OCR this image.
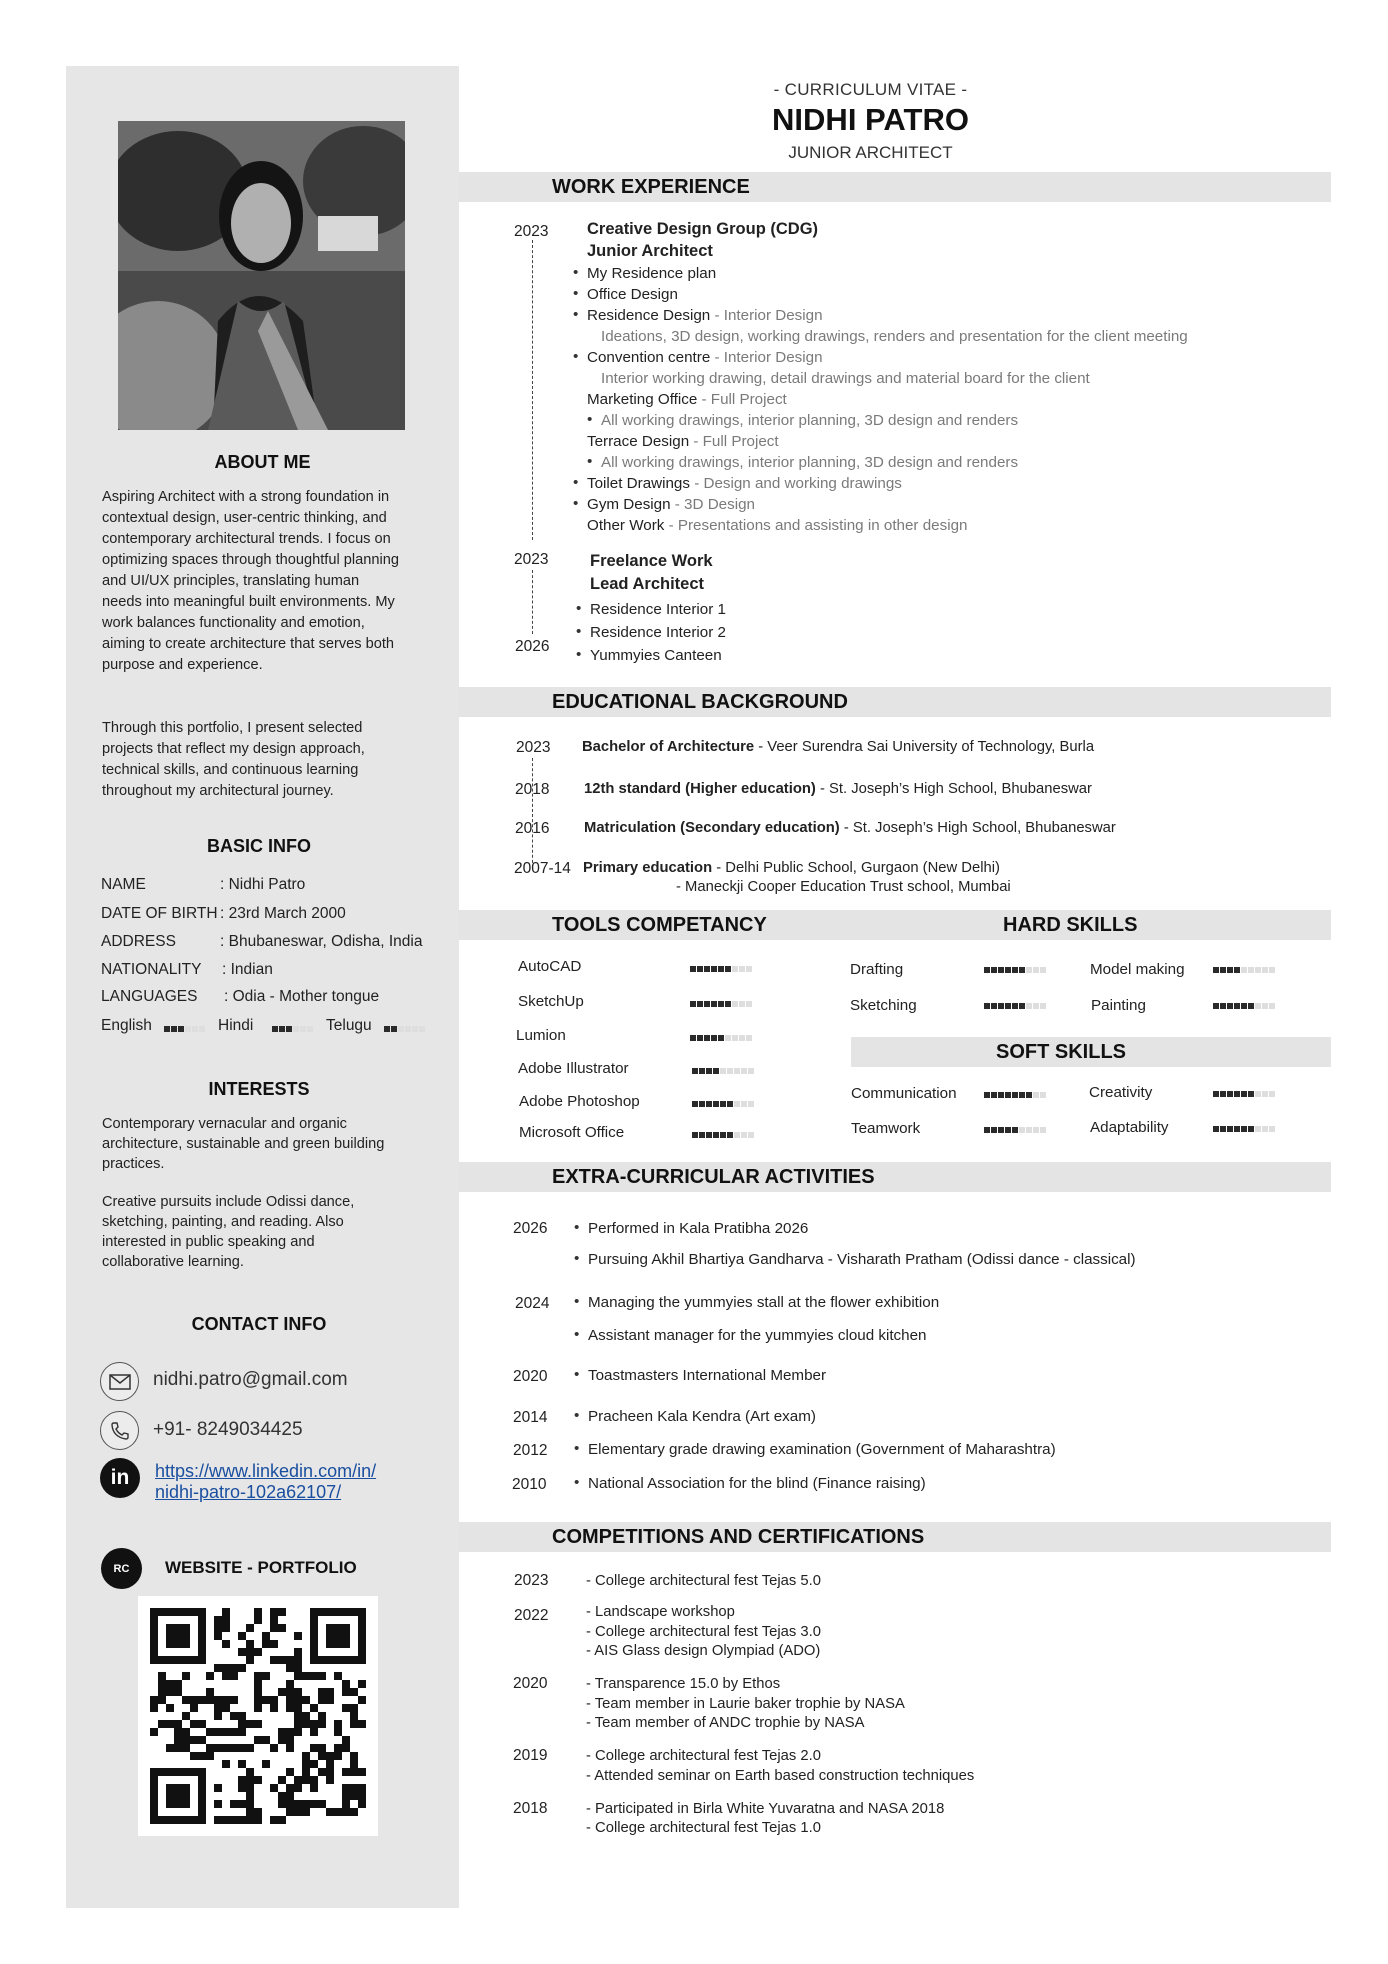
ABOUT ME
Aspiring Architect with a strong foundation in contextual design, user-centric thinking, and contemporary architectural trends. I focus on optimizing spaces through thoughtful planning and UI/UX principles, translating human needs into meaningful built environments. My work balances functionality and emotion, aiming to create architecture that serves both purpose and experience.
Through this portfolio, I present selected projects that reflect my design approach, technical skills, and continuous learning throughout my architectural journey.
BASIC INFO
NAME	: Nidhi Patro
DATE OF BIRTH : 23rd March 2000
ADDRESS	: Bhubaneswar, Odisha, India
NATIONALITY : Indian
LANGUAGES : Odia - Mother tongue
English	Hindi	Telugu
INTERESTS
Contemporary vernacular and organic architecture, sustainable and green building practices.
Creative pursuits include Odissi dance, sketching, painting, and reading. Also interested in public speaking and collaborative learning.
CONTACT INFO
nidhi.patro@gmail.com
+91- 8249034425
in	https://www.linkedin.com/in/
nidhi-patro-102a62107/
RC WEBSITE - PORTFOLIO
- CURRICULUM VITAE -
NIDHI PATRO
JUNIOR ARCHITECT
WORK EXPERIENCE
2023 Creative Design Group (CDG)
Junior Architect
• My Residence plan
• Office Design
• Residence Design - Interior Design
Ideations, 3D design, working drawings, renders and presentation for the client meeting
• Convention centre - Interior Design
Interior working drawing, detail drawings and material board for the client
Marketing Office - Full Project
• All working drawings, interior planning, 3D design and renders
Terrace Design - Full Project
• All working drawings, interior planning, 3D design and renders
• Toilet Drawings - Design and working drawings
• Gym Design - 3D Design
Other Work - Presentations and assisting in other design
2023
2026
Freelance Work
Lead Architect
• Residence Interior 1
• Residence Interior 2
• Yummyies Canteen
EDUCATIONAL BACKGROUND
2023 Bachelor of Architecture - Veer Surendra Sai University of Technology, Burla
2018 12th standard (Higher education) - St. Joseph’s High School, Bhubaneswar
2016 Matriculation (Secondary education) - St. Joseph’s High School, Bhubaneswar
2007-14 Primary education - Delhi Public School, Gurgaon (New Delhi)
- Maneckji Cooper Education Trust school, Mumbai
TOOLS COMPETANCY	HARD SKILLS
AutoCAD
SketchUp
Lumion
Adobe Illustrator
Adobe Photoshop
Microsoft Office
Drafting	Model making
Sketching	Painting
SOFT SKILLS
Communication	Creativity
Teamwork	Adaptability
EXTRA-CURRICULAR ACTIVITIES
2026	• Performed in Kala Pratibha 2026
• Pursuing Akhil Bhartiya Gandharva - Visharath Pratham (Odissi dance - classical)
2024	• Managing the yummyies stall at the flower exhibition
• Assistant manager for the yummyies cloud kitchen
2020	• Toastmasters International Member
2014	• Pracheen Kala Kendra (Art exam)
2012	• Elementary grade drawing examination (Government of Maharashtra)
2010	• National Association for the blind (Finance raising)
COMPETITIONS AND CERTIFICATIONS
2023	- College architectural fest Tejas 5.0
2022	- Landscape workshop
- College architectural fest Tejas 3.0
- AIS Glass design Olympiad (ADO)
2020	- Transparence 15.0 by Ethos
- Team member in Laurie baker trophie by NASA
- Team member of ANDC trophie by NASA
2019	- College architectural fest Tejas 2.0
- Attended seminar on Earth based construction techniques
2018	- Participated in Birla White Yuvaratna and NASA 2018
- College architectural fest Tejas 1.0
